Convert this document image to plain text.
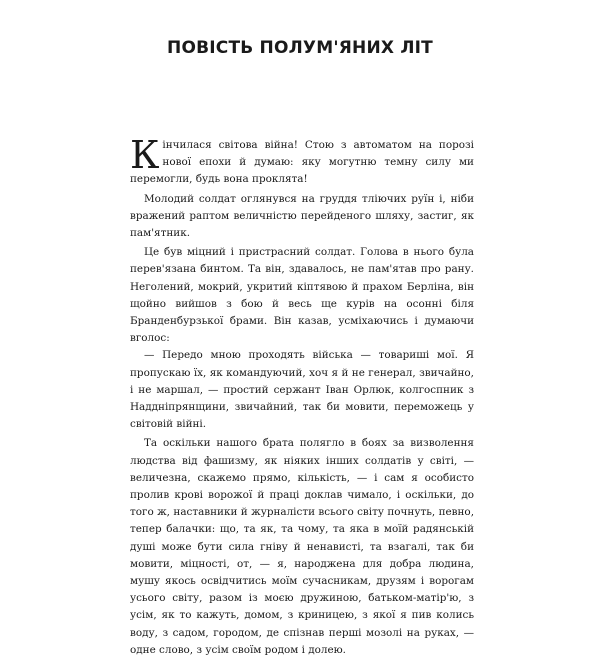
ПОВІСТЬ ПОЛУМ'ЯНИХ ЛІТ

Кінчилася світова війна! Стою з автоматом на порозі нової епохи й думаю: яку могутню темну силу ми перемогли, будь вона проклята!

Молодий солдат оглянувся на груддя тліючих руїн і, ніби вражений раптом величністю перейденого шляху, застиг, як пам'ятник.

Це був міцний і пристрасний солдат. Голова в нього була перев'язана бинтом. Та він, здавалось, не пам'ятав про рану. Неголений, мокрий, укритий кіптявою й прахом Берліна, він щойно вийшов з бою й весь ще курів на осонні біля Бранденбурзької брами. Він казав, усміхаючись і думаючи вголос:

— Передо мною проходять війська — товариші мої. Я пропускаю їх, як командуючий, хоч я й не генерал, звичайно, і не маршал, — простий сержант Іван Орлюк, колгоспник з Наддніпрянщини, звичайний, так би мовити, переможець у світовій війні.

Та оскільки нашого брата полягло в боях за визволення людства від фашизму, як ніяких інших солдатів у світі, — величезна, скажемо прямо, кількість, — і сам я особисто пролив крові ворожої й праці доклав чимало, і оскільки, до того ж, наставники й журналісти всього світу почнуть, певно, тепер балачки: що, та як, та чому, та яка в моїй радянській душі може бути сила гніву й ненависті, та взагалі, так би мовити, міцності, от, — я, народжена для добра людина, мушу якось освідчитись моїм сучасникам, друзям і ворогам усього світу, разом із моєю дружиною, батьком-матір'ю, з усім, як то кажуть, домом, з криницею, з якої я пив колись воду, з садом, городом, де спізнав перші мозолі на руках, — одне слово, з усім своїм родом і долею.
